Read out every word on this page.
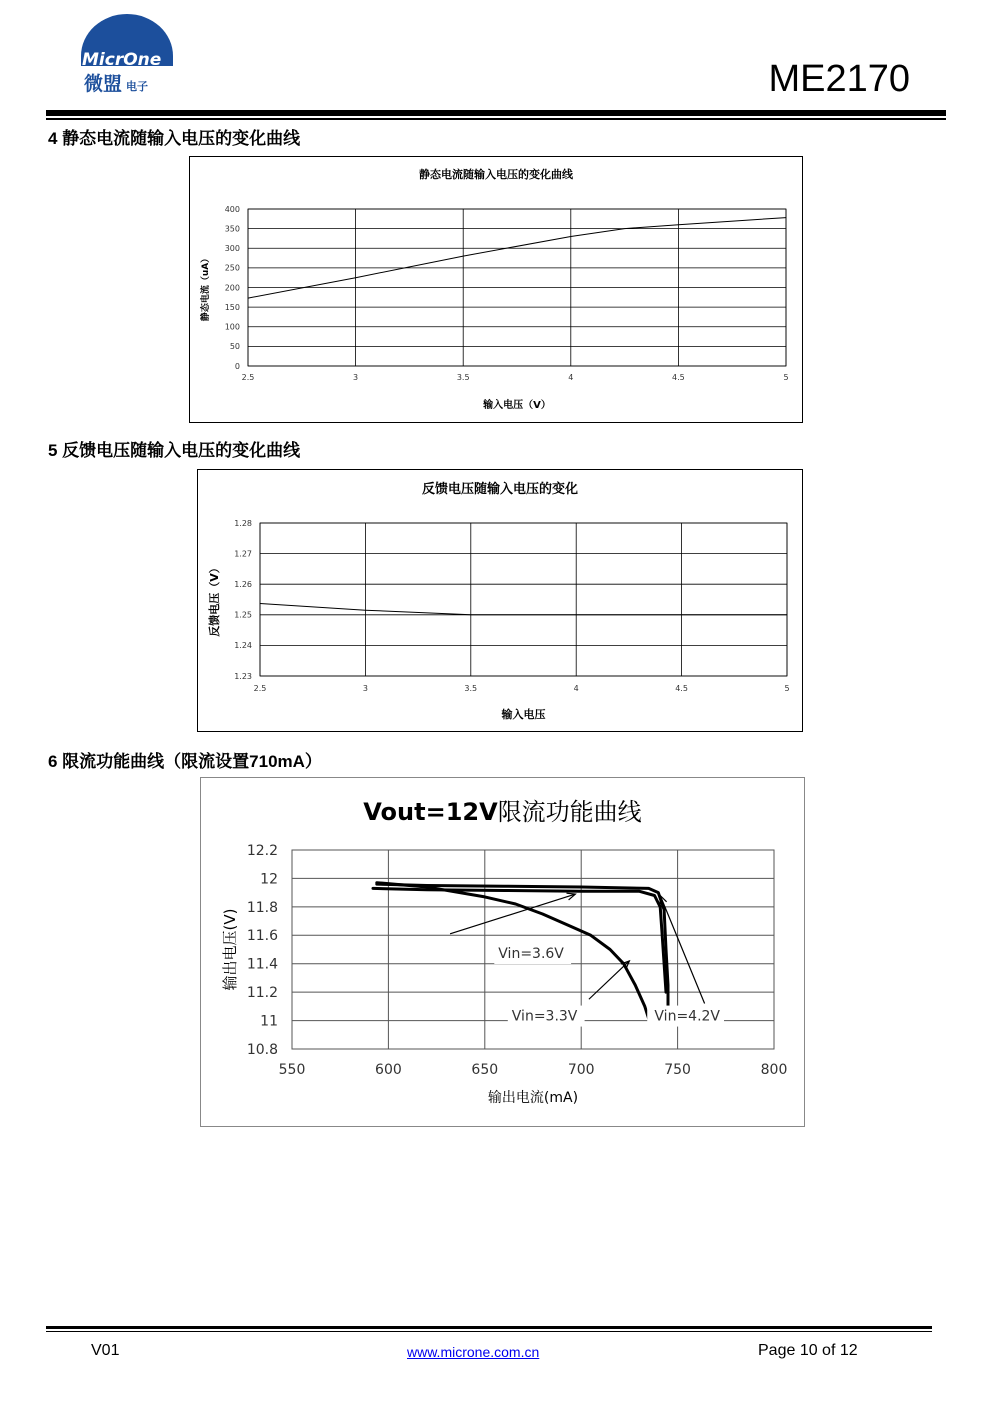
MicrOne
微盟 电子	ME2170
4 静态电流随输入电压的变化曲线
静态电流随输入电压的变化曲线
0
50
100
150
200
250
300
350
400
2.5	3	3.5	4	4.5	5
输入电压（V）
静态电流（uA）
5 反馈电压随输入电压的变化曲线
反馈电压随输入电压的变化
1.23
1.24
1.25
1.26
1.27
1.28
2.5	3	3.5	4	4.5	5
输入电压
反馈电压（V）
6 限流功能曲线（限流设置710mA）
Vout=12V限流功能曲线
10.8
11
11.2
11.4
11.6
11.8
12
12.2
550	600	650	700	750	800
输出电流(mA)
输出电压(V)	Vin=3.6V
Vin=3.3V	Vin=4.2V
V01	www.microne.com.cn	Page 10 of 12
